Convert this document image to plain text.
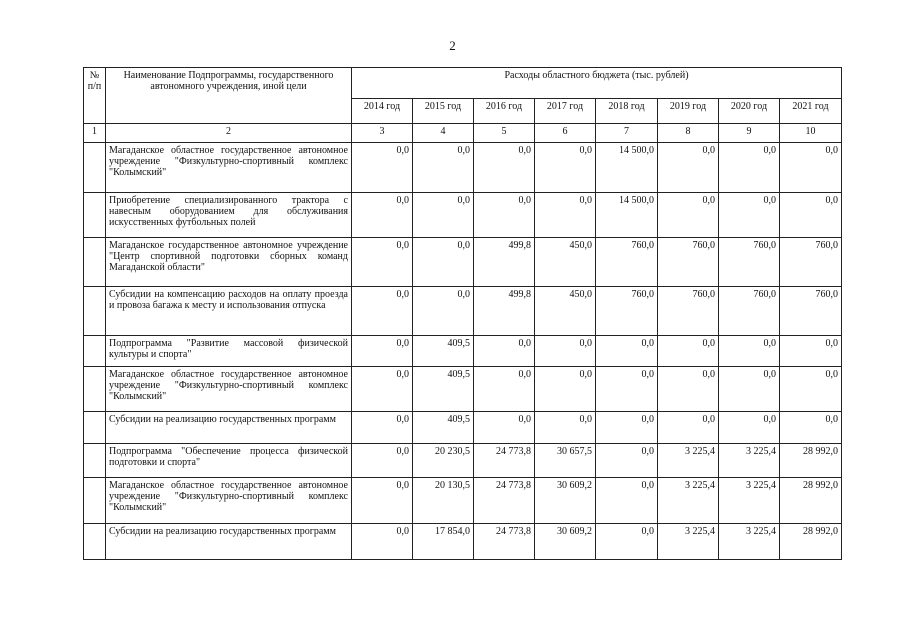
2
№ п/п	Наименование Подпрограммы, государственного автономного учреждения, иной цели	Расходы областного бюджета (тыс. рублей)							
		2014 год	2015 год	2016 год	2017 год	2018 год	2019 год	2020 год	2021 год
1	2	3	4	5	6	7	8	9	10
	Магаданское областное государственное автономное учреждение "Физкультурно-спортивный комплекс "Колымский"	0,0	0,0	0,0	0,0	14 500,0	0,0	0,0	0,0
	Приобретение специализированного трактора с навесным оборудованием для обслуживания искусственных футбольных полей	0,0	0,0	0,0	0,0	14 500,0	0,0	0,0	0,0
	Магаданское государственное автономное учреждение "Центр спортивной подготовки сборных команд Магаданской области"	0,0	0,0	499,8	450,0	760,0	760,0	760,0	760,0
	Субсидии на компенсацию расходов на оплату проезда и провоза багажа к месту и использования отпуска	0,0	0,0	499,8	450,0	760,0	760,0	760,0	760,0
	Подпрограмма "Развитие массовой физической культуры и спорта"	0,0	409,5	0,0	0,0	0,0	0,0	0,0	0,0
	Магаданское областное государственное автономное учреждение "Физкультурно-спортивный комплекс "Колымский"	0,0	409,5	0,0	0,0	0,0	0,0	0,0	0,0
	Субсидии на реализацию государственных программ	0,0	409,5	0,0	0,0	0,0	0,0	0,0	0,0
	Подпрограмма "Обеспечение процесса физической подготовки и спорта"	0,0	20 230,5	24 773,8	30 657,5	0,0	3 225,4	3 225,4	28 992,0
	Магаданское областное государственное автономное учреждение "Физкультурно-спортивный комплекс "Колымский"	0,0	20 130,5	24 773,8	30 609,2	0,0	3 225,4	3 225,4	28 992,0
	Субсидии на реализацию государственных программ	0,0	17 854,0	24 773,8	30 609,2	0,0	3 225,4	3 225,4	28 992,0
